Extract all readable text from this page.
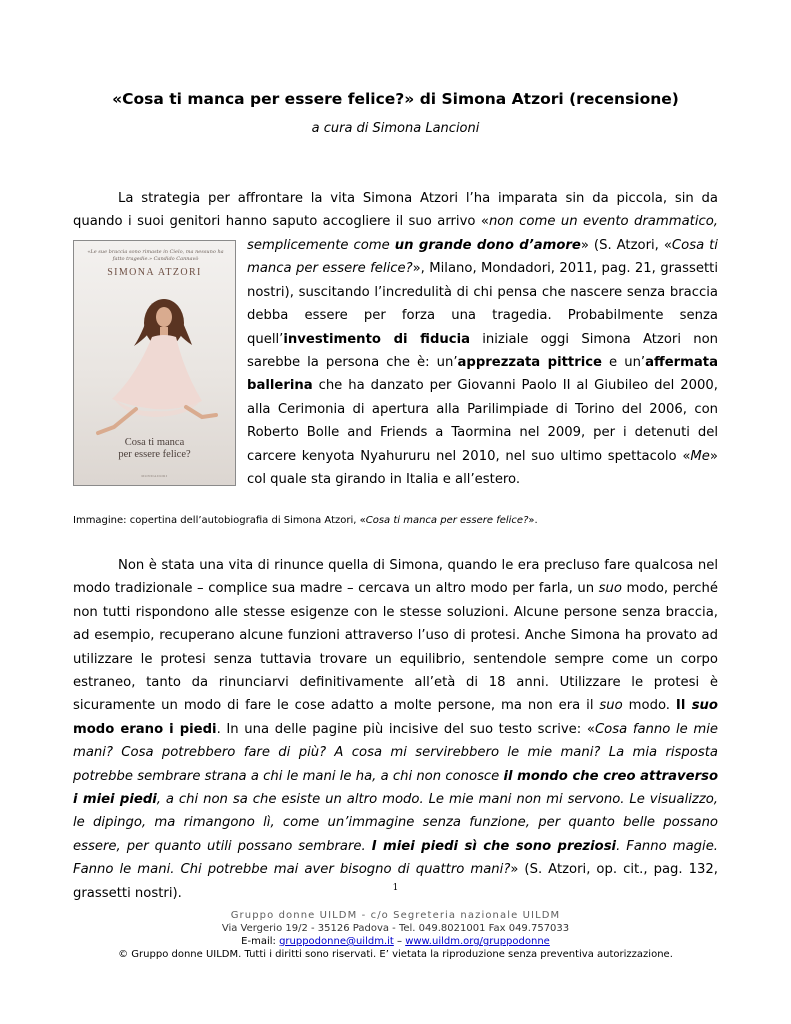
«Cosa ti manca per essere felice?» di Simona Atzori (recensione)
a cura di Simona Lancioni

La strategia per affrontare la vita Simona Atzori l’ha imparata sin da piccola, sin da quando i suoi genitori hanno saputo accogliere il suo arrivo «non come un evento drammatico,

«Le sue braccia sono rimaste in Cielo, ma nessuno ha fatto tragedie.» Candido Cannavò
SIMONA ATZORI
Cosa ti manca
per essere felice?
MONDADORI

semplicemente come un grande dono d’amore» (S. Atzori, «Cosa ti manca per essere felice?», Milano, Mondadori, 2011, pag. 21, grassetti nostri), suscitando l’incredulità di chi pensa che nascere senza braccia debba essere per forza una tragedia. Probabilmente senza quell’investimento di fiducia iniziale oggi Simona Atzori non sarebbe la persona che è: un’apprezzata pittrice e un’affermata ballerina che ha danzato per Giovanni Paolo II al Giubileo del 2000, alla Cerimonia di apertura alla Parilimpiade di Torino del 2006, con Roberto Bolle and Friends a Taormina nel 2009, per i detenuti del carcere kenyota Nyahururu nel 2010, nel suo ultimo spettacolo «Me» col quale sta girando in Italia e all’estero.

Immagine: copertina dell’autobiografia di Simona Atzori, «Cosa ti manca per essere felice?».

Non è stata una vita di rinunce quella di Simona, quando le era precluso fare qualcosa nel modo tradizionale – complice sua madre – cercava un altro modo per farla, un suo modo, perché non tutti rispondono alle stesse esigenze con le stesse soluzioni. Alcune persone senza braccia, ad esempio, recuperano alcune funzioni attraverso l’uso di protesi. Anche Simona ha provato ad utilizzare le protesi senza tuttavia trovare un equilibrio, sentendole sempre come un corpo estraneo, tanto da rinunciarvi definitivamente all’età di 18 anni. Utilizzare le protesi è sicuramente un modo di fare le cose adatto a molte persone, ma non era il suo modo. Il suo modo erano i piedi. In una delle pagine più incisive del suo testo scrive: «Cosa fanno le mie mani? Cosa potrebbero fare di più? A cosa mi servirebbero le mie mani? La mia risposta potrebbe sembrare strana a chi le mani le ha, a chi non conosce il mondo che creo attraverso i miei piedi, a chi non sa che esiste un altro modo. Le mie mani non mi servono. Le visualizzo, le dipingo, ma rimangono lì, come un’immagine senza funzione, per quanto belle possano essere, per quanto utili possano sembrare. I miei piedi sì che sono preziosi. Fanno magie. Fanno le mani. Chi potrebbe mai aver bisogno di quattro mani?» (S. Atzori, op. cit., pag. 132, grassetti nostri).	1
Gruppo donne UILDM - c/o Segreteria nazionale UILDM
Via Vergerio 19/2 - 35126 Padova - Tel. 049.8021001 Fax 049.757033
E-mail: gruppodonne@uildm.it – www.uildm.org/gruppodonne
© Gruppo donne UILDM. Tutti i diritti sono riservati. E’ vietata la riproduzione senza preventiva autorizzazione.
